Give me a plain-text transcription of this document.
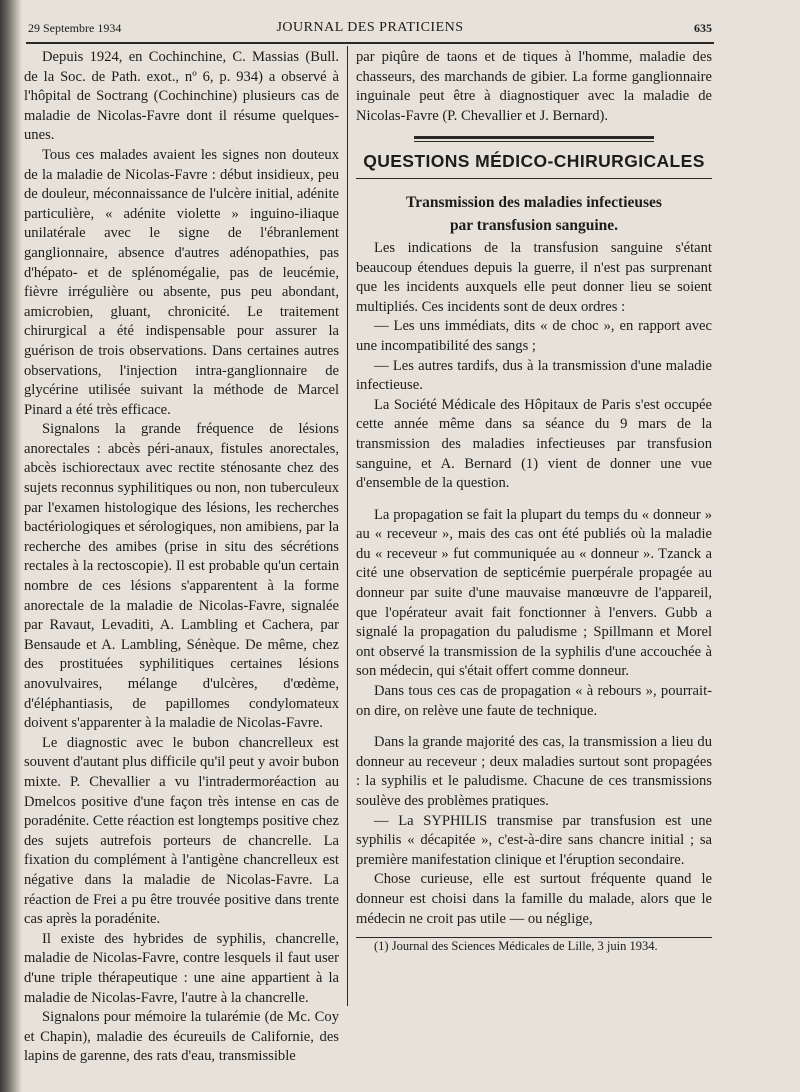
29 Septembre 1934	JOURNAL DES PRATICIENS	635

Depuis 1924, en Cochinchine, C. Massias (Bull. de la Soc. de Path. exot., nº 6, p. 934) a observé à l'hôpital de Soctrang (Cochinchine) plusieurs cas de maladie de Nicolas-Favre dont il résume quelques-unes.

Tous ces malades avaient les signes non douteux de la maladie de Nicolas-Favre : début insidieux, peu de douleur, méconnaissance de l'ulcère initial, adénite particulière, « adénite violette » inguino-iliaque unilatérale avec le signe de l'ébranlement ganglionnaire, absence d'autres adénopathies, pas d'hépato- et de splénomégalie, pas de leucémie, fièvre irrégulière ou absente, pus peu abondant, amicrobien, gluant, chronicité. Le traitement chirurgical a été indispensable pour assurer la guérison de trois observations. Dans certaines autres observations, l'injection intra-ganglionnaire de glycérine utilisée suivant la méthode de Marcel Pinard a été très efficace.

Signalons la grande fréquence de lésions anorectales : abcès péri-anaux, fistules anorectales, abcès ischiorectaux avec rectite sténosante chez des sujets reconnus syphilitiques ou non, non tuberculeux par l'examen histologique des lésions, les recherches bactériologiques et sérologiques, non amibiens, par la recherche des amibes (prise in situ des sécrétions rectales à la rectoscopie). Il est probable qu'un certain nombre de ces lésions s'apparentent à la forme anorectale de la maladie de Nicolas-Favre, signalée par Ravaut, Levaditi, A. Lambling et Cachera, par Bensaude et A. Lambling, Sénèque. De même, chez des prostituées syphilitiques certaines lésions anovulvaires, mélange d'ulcères, d'œdème, d'éléphantiasis, de papillomes condylomateux doivent s'apparenter à la maladie de Nicolas-Favre.

Le diagnostic avec le bubon chancrelleux est souvent d'autant plus difficile qu'il peut y avoir bubon mixte. P. Chevallier a vu l'intradermoréaction au Dmelcos positive d'une façon très intense en cas de poradénite. Cette réaction est longtemps positive chez des sujets autrefois porteurs de chancrelle. La fixation du complément à l'antigène chancrelleux est négative dans la maladie de Nicolas-Favre. La réaction de Frei a pu être trouvée positive dans trente cas après la poradénite.

Il existe des hybrides de syphilis, chancrelle, maladie de Nicolas-Favre, contre lesquels il faut user d'une triple thérapeutique : une aine appartient à la maladie de Nicolas-Favre, l'autre à la chancrelle.

Signalons pour mémoire la tularémie (de Mc. Coy et Chapin), maladie des écureuils de Californie, des lapins de garenne, des rats d'eau, transmissible

par piqûre de taons et de tiques à l'homme, maladie des chasseurs, des marchands de gibier. La forme ganglionnaire inguinale peut être à diagnostiquer avec la maladie de Nicolas-Favre (P. Chevallier et J. Bernard).

QUESTIONS MÉDICO-CHIRURGICALES
Transmission des maladies infectieuses
par transfusion sanguine.

Les indications de la transfusion sanguine s'étant beaucoup étendues depuis la guerre, il n'est pas surprenant que les incidents auxquels elle peut donner lieu se soient multipliés. Ces incidents sont de deux ordres :

— Les uns immédiats, dits « de choc », en rapport avec une incompatibilité des sangs ;

— Les autres tardifs, dus à la transmission d'une maladie infectieuse.

La Société Médicale des Hôpitaux de Paris s'est occupée cette année même dans sa séance du 9 mars de la transmission des maladies infectieuses par transfusion sanguine, et A. Bernard (1) vient de donner une vue d'ensemble de la question.

La propagation se fait la plupart du temps du « donneur » au « receveur », mais des cas ont été publiés où la maladie du « receveur » fut communiquée au « donneur ». Tzanck a cité une observation de septicémie puerpérale propagée au donneur par suite d'une mauvaise manœuvre de l'appareil, que l'opérateur avait fait fonctionner à l'envers. Gubb a signalé la propagation du paludisme ; Spillmann et Morel ont observé la transmission de la syphilis d'une accouchée à son médecin, qui s'était offert comme donneur.

Dans tous ces cas de propagation « à rebours », pourrait-on dire, on relève une faute de technique.

Dans la grande majorité des cas, la transmission a lieu du donneur au receveur ; deux maladies surtout sont propagées : la syphilis et le paludisme. Chacune de ces transmissions soulève des problèmes pratiques.

— La SYPHILIS transmise par transfusion est une syphilis « décapitée », c'est-à-dire sans chancre initial ; sa première manifestation clinique et l'éruption secondaire.

Chose curieuse, elle est surtout fréquente quand le donneur est choisi dans la famille du malade, alors que le médecin ne croit pas utile — ou néglige,

(1) Journal des Sciences Médicales de Lille, 3 juin 1934.
